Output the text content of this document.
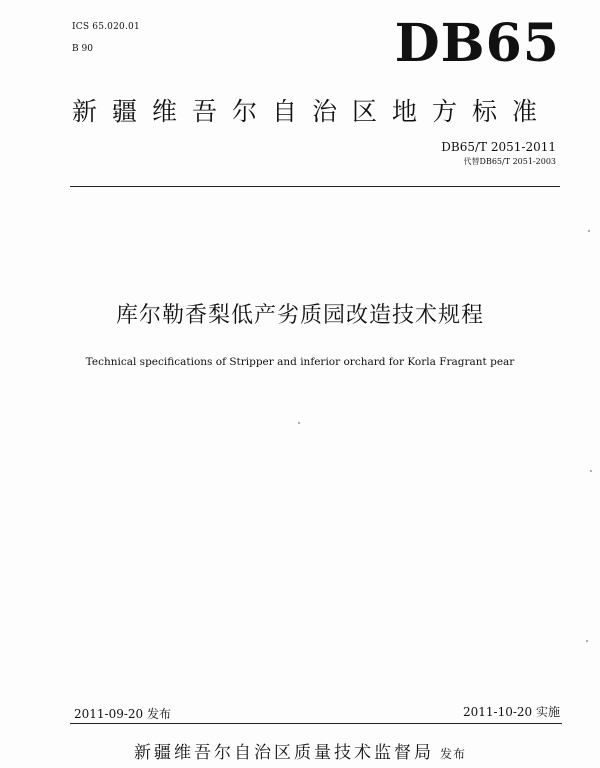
ICS 65.020.01
B 90	DB65
新疆维吾尔自治区地方标准
DB65/T 2051-2011
代替DB65/T 2051-2003
库尔勒香梨低产劣质园改造技术规程
Technical specifications of Stripper and inferior orchard for Korla Fragrant pear
2011-09-20 发布	2011-10-20 实施
新疆维吾尔自治区质量技术监督局 发布
